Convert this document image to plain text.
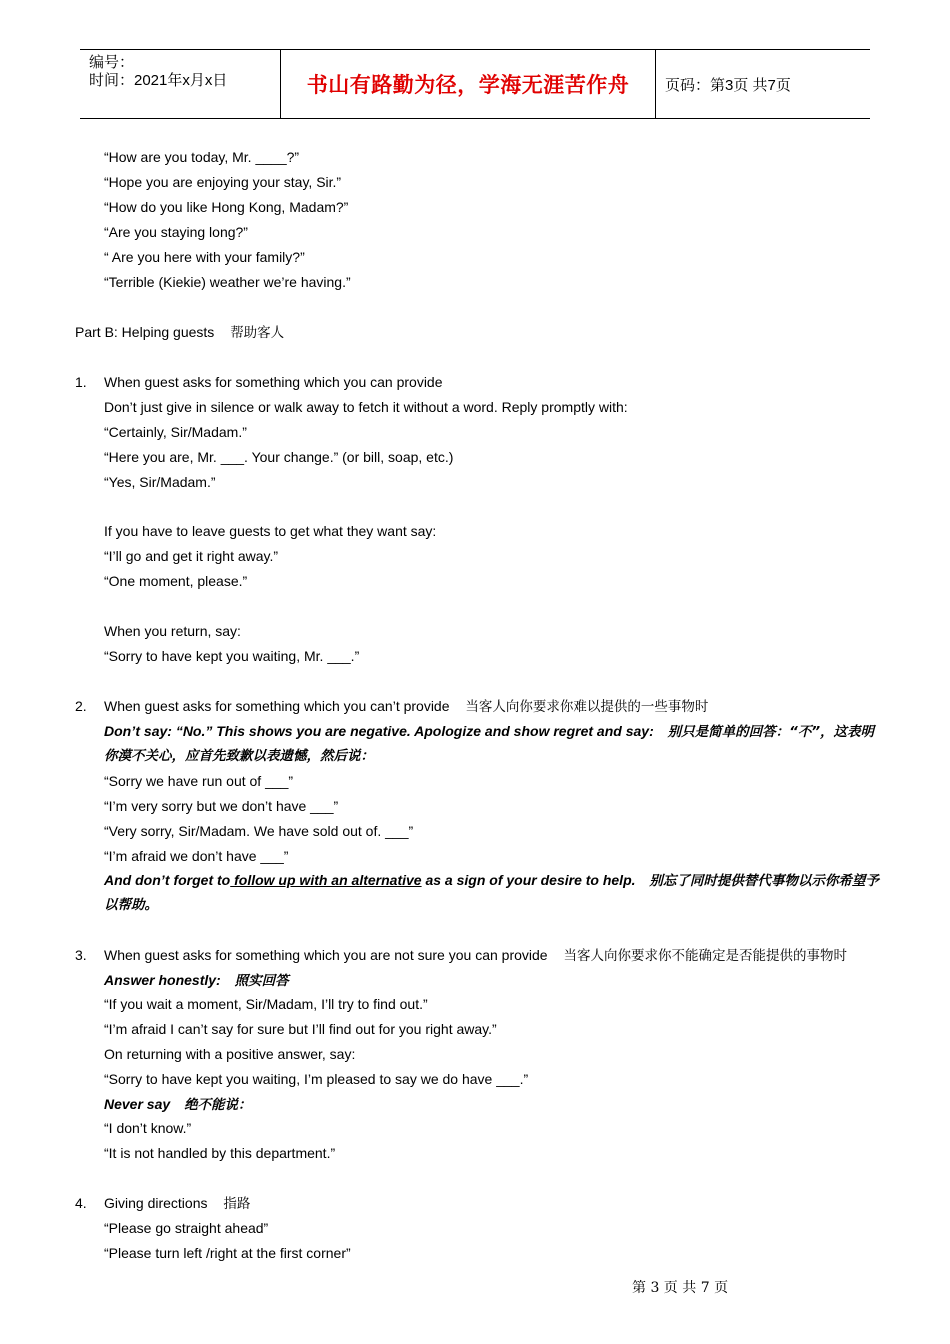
编号：
时间：2021年x月x日	书山有路勤为径，学海无涯苦作舟	页码：第3页 共7页
“How are you today, Mr. ____?”
“Hope you are enjoying your stay, Sir.”
“How do you like Hong Kong, Madam?”
“Are you staying long?”
“ Are you here with your family?”
“Terrible (Kiekie) weather we’re having.”
Part B: Helping guests 帮助客人
1. When guest asks for something which you can provide
Don’t just give in silence or walk away to fetch it without a word. Reply promptly with:
“Certainly, Sir/Madam.”
“Here you are, Mr. ___. Your change.” (or bill, soap, etc.)
“Yes, Sir/Madam.”
If you have to leave guests to get what they want say:
“I’ll go and get it right away.”
“One moment, please.”
When you return, say:
“Sorry to have kept you waiting, Mr. ___.”
2. When guest asks for something which you can’t provide 当客人向你要求你难以提供的一些事物时
Don’t say: “No.” This shows you are negative. Apologize and show regret and say: 别只是简单的回答：“不”，这表明
你漠不关心，应首先致歉以表遗憾，然后说：
“Sorry we have run out of ___”
“I’m very sorry but we don’t have ___”
“Very sorry, Sir/Madam. We have sold out of. ___”
“I’m afraid we don’t have ___”
And don’t forget to follow up with an alternative as a sign of your desire to help. 别忘了同时提供替代事物以示你希望予
以帮助。
3. When guest asks for something which you are not sure you can provide 当客人向你要求你不能确定是否能提供的事物时
Answer honestly: 照实回答
“If you wait a moment, Sir/Madam, I’ll try to find out.”
“I’m afraid I can’t say for sure but I’ll find out for you right away.”
On returning with a positive answer, say:
“Sorry to have kept you waiting, I’m pleased to say we do have ___.”
Never say 绝不能说：
“I don’t know.”
“It is not handled by this department.”
4. Giving directions 指路
“Please go straight ahead”
“Please turn left /right at the first corner”
第 3 页 共 7 页
